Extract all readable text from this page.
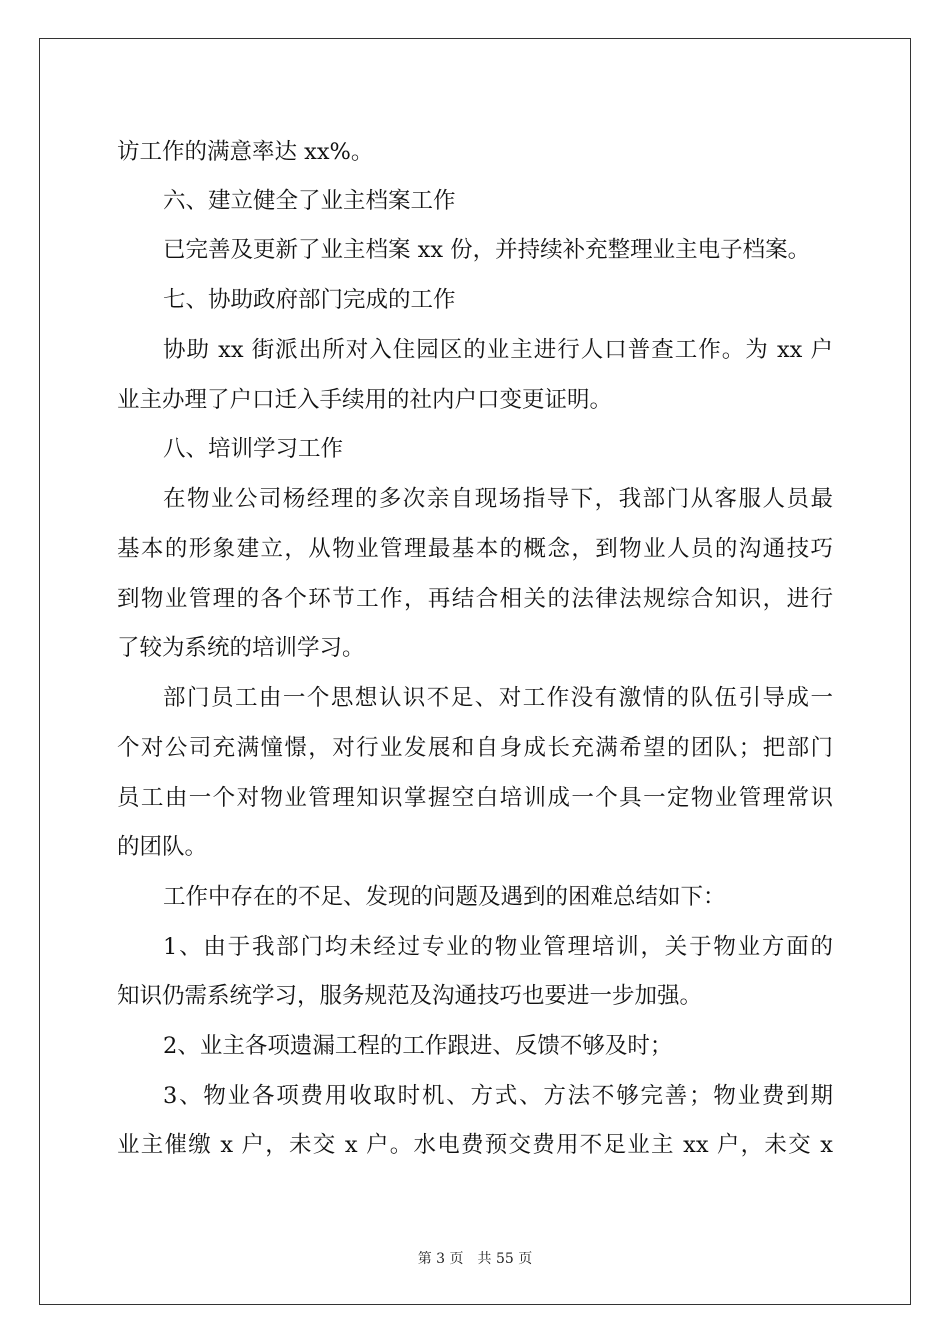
访工作的满意率达 xx%。

六、建立健全了业主档案工作

已完善及更新了业主档案 xx 份，并持续补充整理业主电子档案。

七、协助政府部门完成的工作

协助 xx 街派出所对入住园区的业主进行人口普查工作。为 xx 户

业主办理了户口迁入手续用的社内户口变更证明。

八、培训学习工作

在物业公司杨经理的多次亲自现场指导下，我部门从客服人员最

基本的形象建立，从物业管理最基本的概念，到物业人员的沟通技巧

到物业管理的各个环节工作，再结合相关的法律法规综合知识，进行

了较为系统的培训学习。

部门员工由一个思想认识不足、对工作没有激情的队伍引导成一

个对公司充满憧憬，对行业发展和自身成长充满希望的团队；把部门

员工由一个对物业管理知识掌握空白培训成一个具一定物业管理常识

的团队。

工作中存在的不足、发现的问题及遇到的困难总结如下：

1、由于我部门均未经过专业的物业管理培训，关于物业方面的

知识仍需系统学习，服务规范及沟通技巧也要进一步加强。

2、业主各项遗漏工程的工作跟进、反馈不够及时；

3、物业各项费用收取时机、方式、方法不够完善；物业费到期

业主催缴 x 户，未交 x 户。水电费预交费用不足业主 xx 户，未交 x

第 3 页　共 55 页
